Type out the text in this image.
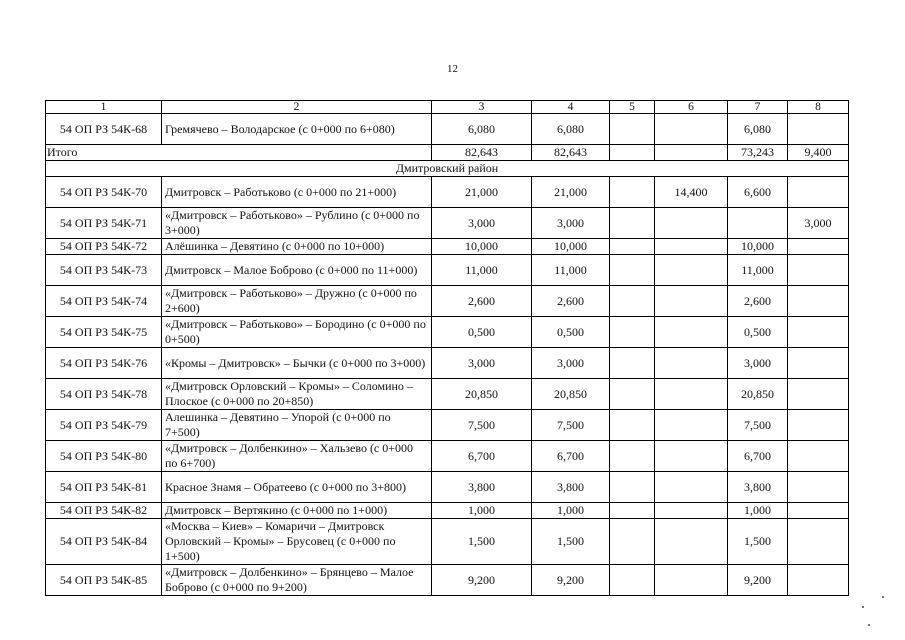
12
1	2	3	4	5	6	7	8
54 ОП РЗ 54К-68	Гремячево – Володарское (с 0+000 по 6+080)	6,080	6,080			6,080	
Итого		82,643	82,643			73,243	9,400
Дмитровский район							
54 ОП РЗ 54К-70	Дмитровск – Работьково (с 0+000 по 21+000)	21,000	21,000		14,400	6,600	
54 ОП РЗ 54К-71	«Дмитровск – Работьково» – Рублино (с 0+000 по 3+000)	3,000	3,000				3,000
54 ОП РЗ 54К-72	Алёшинка – Девятино (с 0+000 по 10+000)	10,000	10,000			10,000	
54 ОП РЗ 54К-73	Дмитровск – Малое Боброво (с 0+000 по 11+000)	11,000	11,000			11,000	
54 ОП РЗ 54К-74	«Дмитровск – Работьково» – Дружно (с 0+000 по 2+600)	2,600	2,600			2,600	
54 ОП РЗ 54К-75	«Дмитровск – Работьково» – Бородино (с 0+000 по 0+500)	0,500	0,500			0,500	
54 ОП РЗ 54К-76	«Кромы – Дмитровск» – Бычки (с 0+000 по 3+000)	3,000	3,000			3,000	
54 ОП РЗ 54К-78	«Дмитровск Орловский – Кромы» – Соломино – Плоское (с 0+000 по 20+850)	20,850	20,850			20,850	
54 ОП РЗ 54К-79	Алешинка – Девятино – Упорой (с 0+000 по 7+500)	7,500	7,500			7,500	
54 ОП РЗ 54К-80	«Дмитровск – Долбенкино» – Хальзево (с 0+000 по 6+700)	6,700	6,700			6,700	
54 ОП РЗ 54К-81	Красное Знамя – Обратеево (с 0+000 по 3+800)	3,800	3,800			3,800	
54 ОП РЗ 54К-82	Дмитровск – Вертякино (с 0+000 по 1+000)	1,000	1,000			1,000	
54 ОП РЗ 54К-84	«Москва – Киев» – Комаричи – Дмитровск Орловский – Кромы» – Брусовец (с 0+000 по 1+500)	1,500	1,500			1,500	
54 ОП РЗ 54К-85	«Дмитровск – Долбенкино» – Брянцево – Малое Боброво (с 0+000 по 9+200)	9,200	9,200			9,200	
